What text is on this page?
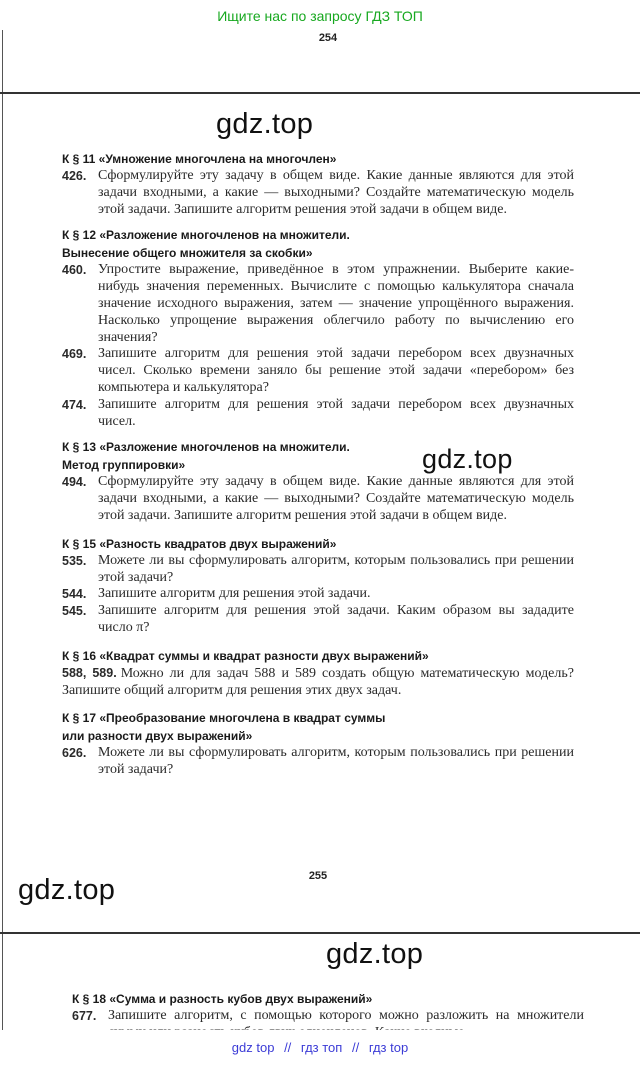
Ищите нас по запросу ГДЗ ТОП
254
gdz.top
gdz.top
gdz.top

К § 11 «Умножение многочлена на многочлен»

426. Сформулируйте эту задачу в общем виде. Какие данные являются для этой задачи входными, а какие — выходными? Создайте математическую модель этой задачи. Запишите алгоритм решения этой задачи в общем виде.

К § 12 «Разложение многочленов на множители.

Вынесение общего множителя за скобки»

460. Упростите выражение, приведённое в этом упражнении. Выберите какие-нибудь значения переменных. Вычислите с помощью калькулятора сначала значение исходного выражения, затем — значение упрощённого выражения. Насколько упрощение выражения облегчило работу по вычислению его значения?
469. Запишите алгоритм для решения этой задачи перебором всех двузначных чисел. Сколько времени заняло бы решение этой задачи «перебором» без компьютера и калькулятора?
474. Запишите алгоритм для решения этой задачи перебором всех двузначных чисел.

К § 13 «Разложение многочленов на множители.

Метод группировки»

494. Сформулируйте эту задачу в общем виде. Какие данные являются для этой задачи входными, а какие — выходными? Создайте математическую модель этой задачи. Запишите алгоритм решения этой задачи в общем виде.

К § 15 «Разность квадратов двух выражений»

535. Можете ли вы сформулировать алгоритм, которым пользовались при решении этой задачи?
544. Запишите алгоритм для решения этой задачи.
545. Запишите алгоритм для решения этой задачи. Каким образом вы зададите число π?

К § 16 «Квадрат суммы и квадрат разности двух выражений»

588, 589. Можно ли для задач 588 и 589 создать общую математическую модель? Запишите общий алгоритм для решения этих двух задач.

К § 17 «Преобразование многочлена в квадрат суммы

или разности двух выражений»

626. Можете ли вы сформулировать алгоритм, которым пользовались при решении этой задачи?
255
gdz.top

К § 18 «Сумма и разность кубов двух выражений»

677. Запишите алгоритм, с помощью которого можно разложить на множители
gdz top // гдз топ // гдз top
